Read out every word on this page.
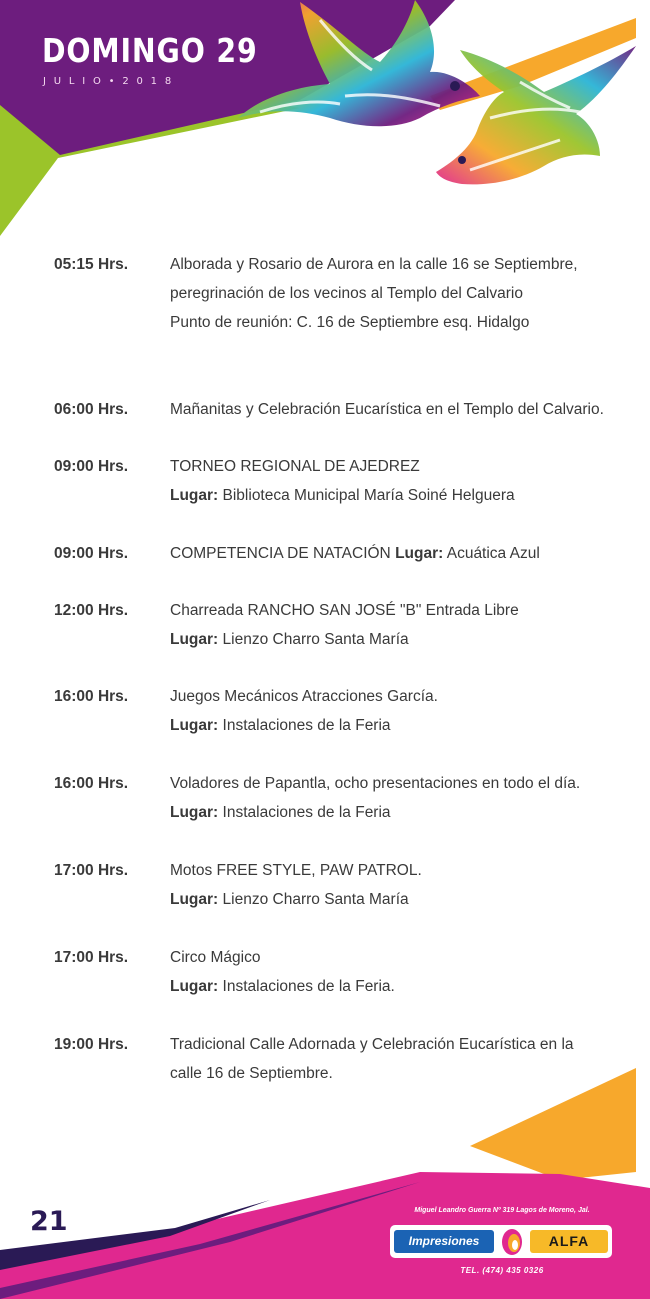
DOMINGO 29
JULIO•2018
05:15 Hrs.	Alborada y Rosario de Aurora en la calle 16 se Septiembre,
peregrinación de los vecinos al Templo del Calvario
Punto de reunión: C. 16 de Septiembre esq. Hidalgo
06:00 Hrs.	Mañanitas y Celebración Eucarística en el Templo del Calvario.
09:00 Hrs.	TORNEO REGIONAL DE AJEDREZ
Lugar: Biblioteca Municipal María Soiné Helguera
09:00 Hrs.	COMPETENCIA DE NATACIÓN Lugar: Acuática Azul
12:00 Hrs.	Charreada RANCHO SAN JOSÉ "B" Entrada Libre
Lugar: Lienzo Charro Santa María
16:00 Hrs.	Juegos Mecánicos Atracciones García.
Lugar: Instalaciones de la Feria
16:00 Hrs.	Voladores de Papantla, ocho presentaciones en todo el día.
Lugar: Instalaciones de la Feria
17:00 Hrs.	Motos FREE STYLE, PAW PATROL.
Lugar: Lienzo Charro Santa María
17:00 Hrs.	Circo Mágico
Lugar: Instalaciones de la Feria.
19:00 Hrs.	Tradicional Calle Adornada y Celebración Eucarística en la
calle 16 de Septiembre.
21	Miguel Leandro Guerra Nº 319 Lagos de Moreno, Jal.
Impresiones	ALFA
TEL. (474) 435 0326
